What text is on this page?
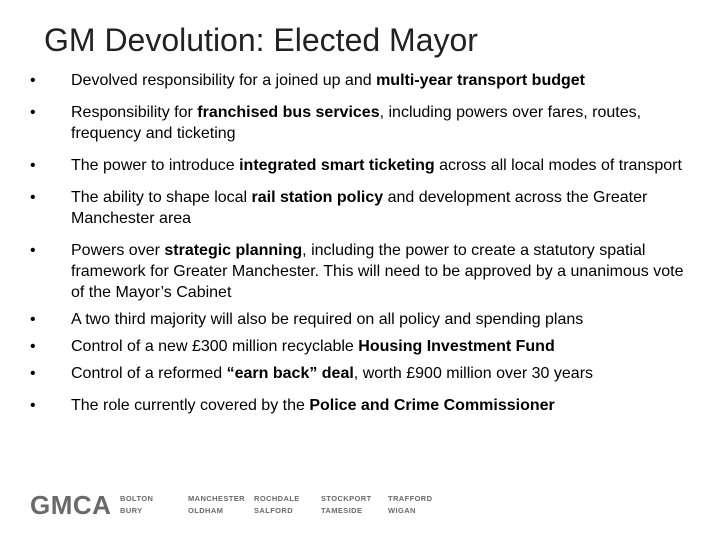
GM Devolution: Elected Mayor
•	Devolved responsibility for a joined up and multi-year transport budget
•	Responsibility for franchised bus services, including powers over fares, routes, frequency and ticketing
•	The power to introduce integrated smart ticketing across all local modes of transport
•	The ability to shape local rail station policy and development across the Greater Manchester area
•	Powers over strategic planning, including the power to create a statutory spatial framework for Greater Manchester. This will need to be approved by a unanimous vote of the Mayor’s Cabinet
•	A two third majority will also be required on all policy and spending plans
•	Control of a new £300 million recyclable Housing Investment Fund
•	Control of a reformed “earn back” deal, worth £900 million over 30 years
•	The role currently covered by the Police and Crime Commissioner
GMCA BOLTON
BURY
MANCHESTER
OLDHAM
ROCHDALE
SALFORD
STOCKPORT
TAMESIDE
TRAFFORD
WIGAN
